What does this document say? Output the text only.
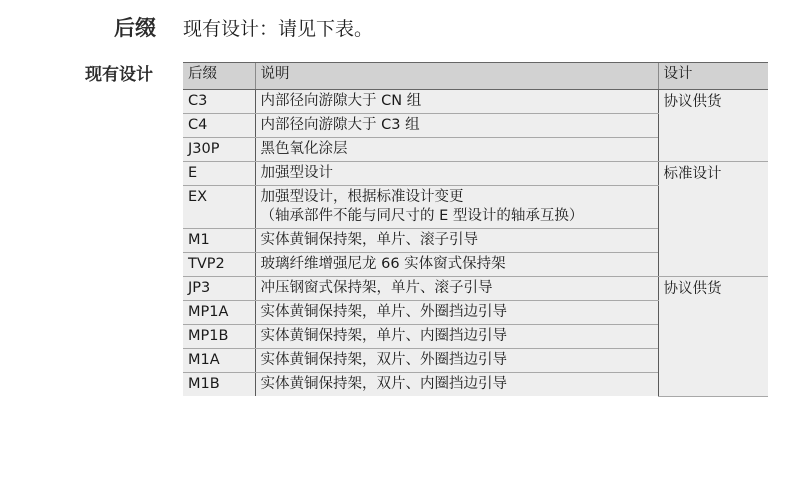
后缀 现有设计：请见下表。
现有设计 后缀	说明	设计
C3	内部径向游隙大于 CN 组	协议供货
C4	内部径向游隙大于 C3 组	

J30P	黑色氧化涂层	

E	加强型设计	标准设计
EX	加强型设计，根据标准设计变更
（轴承部件不能与同尺寸的 E 型设计的轴承互换）	

M1	实体黄铜保持架，单片、滚子引导	

TVP2	玻璃纤维增强尼龙 66 实体窗式保持架	

JP3	冲压钢窗式保持架，单片、滚子引导	协议供货
MP1A	实体黄铜保持架，单片、外圈挡边引导	

MP1B	实体黄铜保持架，单片、内圈挡边引导	

M1A	实体黄铜保持架，双片、外圈挡边引导	

M1B	实体黄铜保持架，双片、内圈挡边引导	
